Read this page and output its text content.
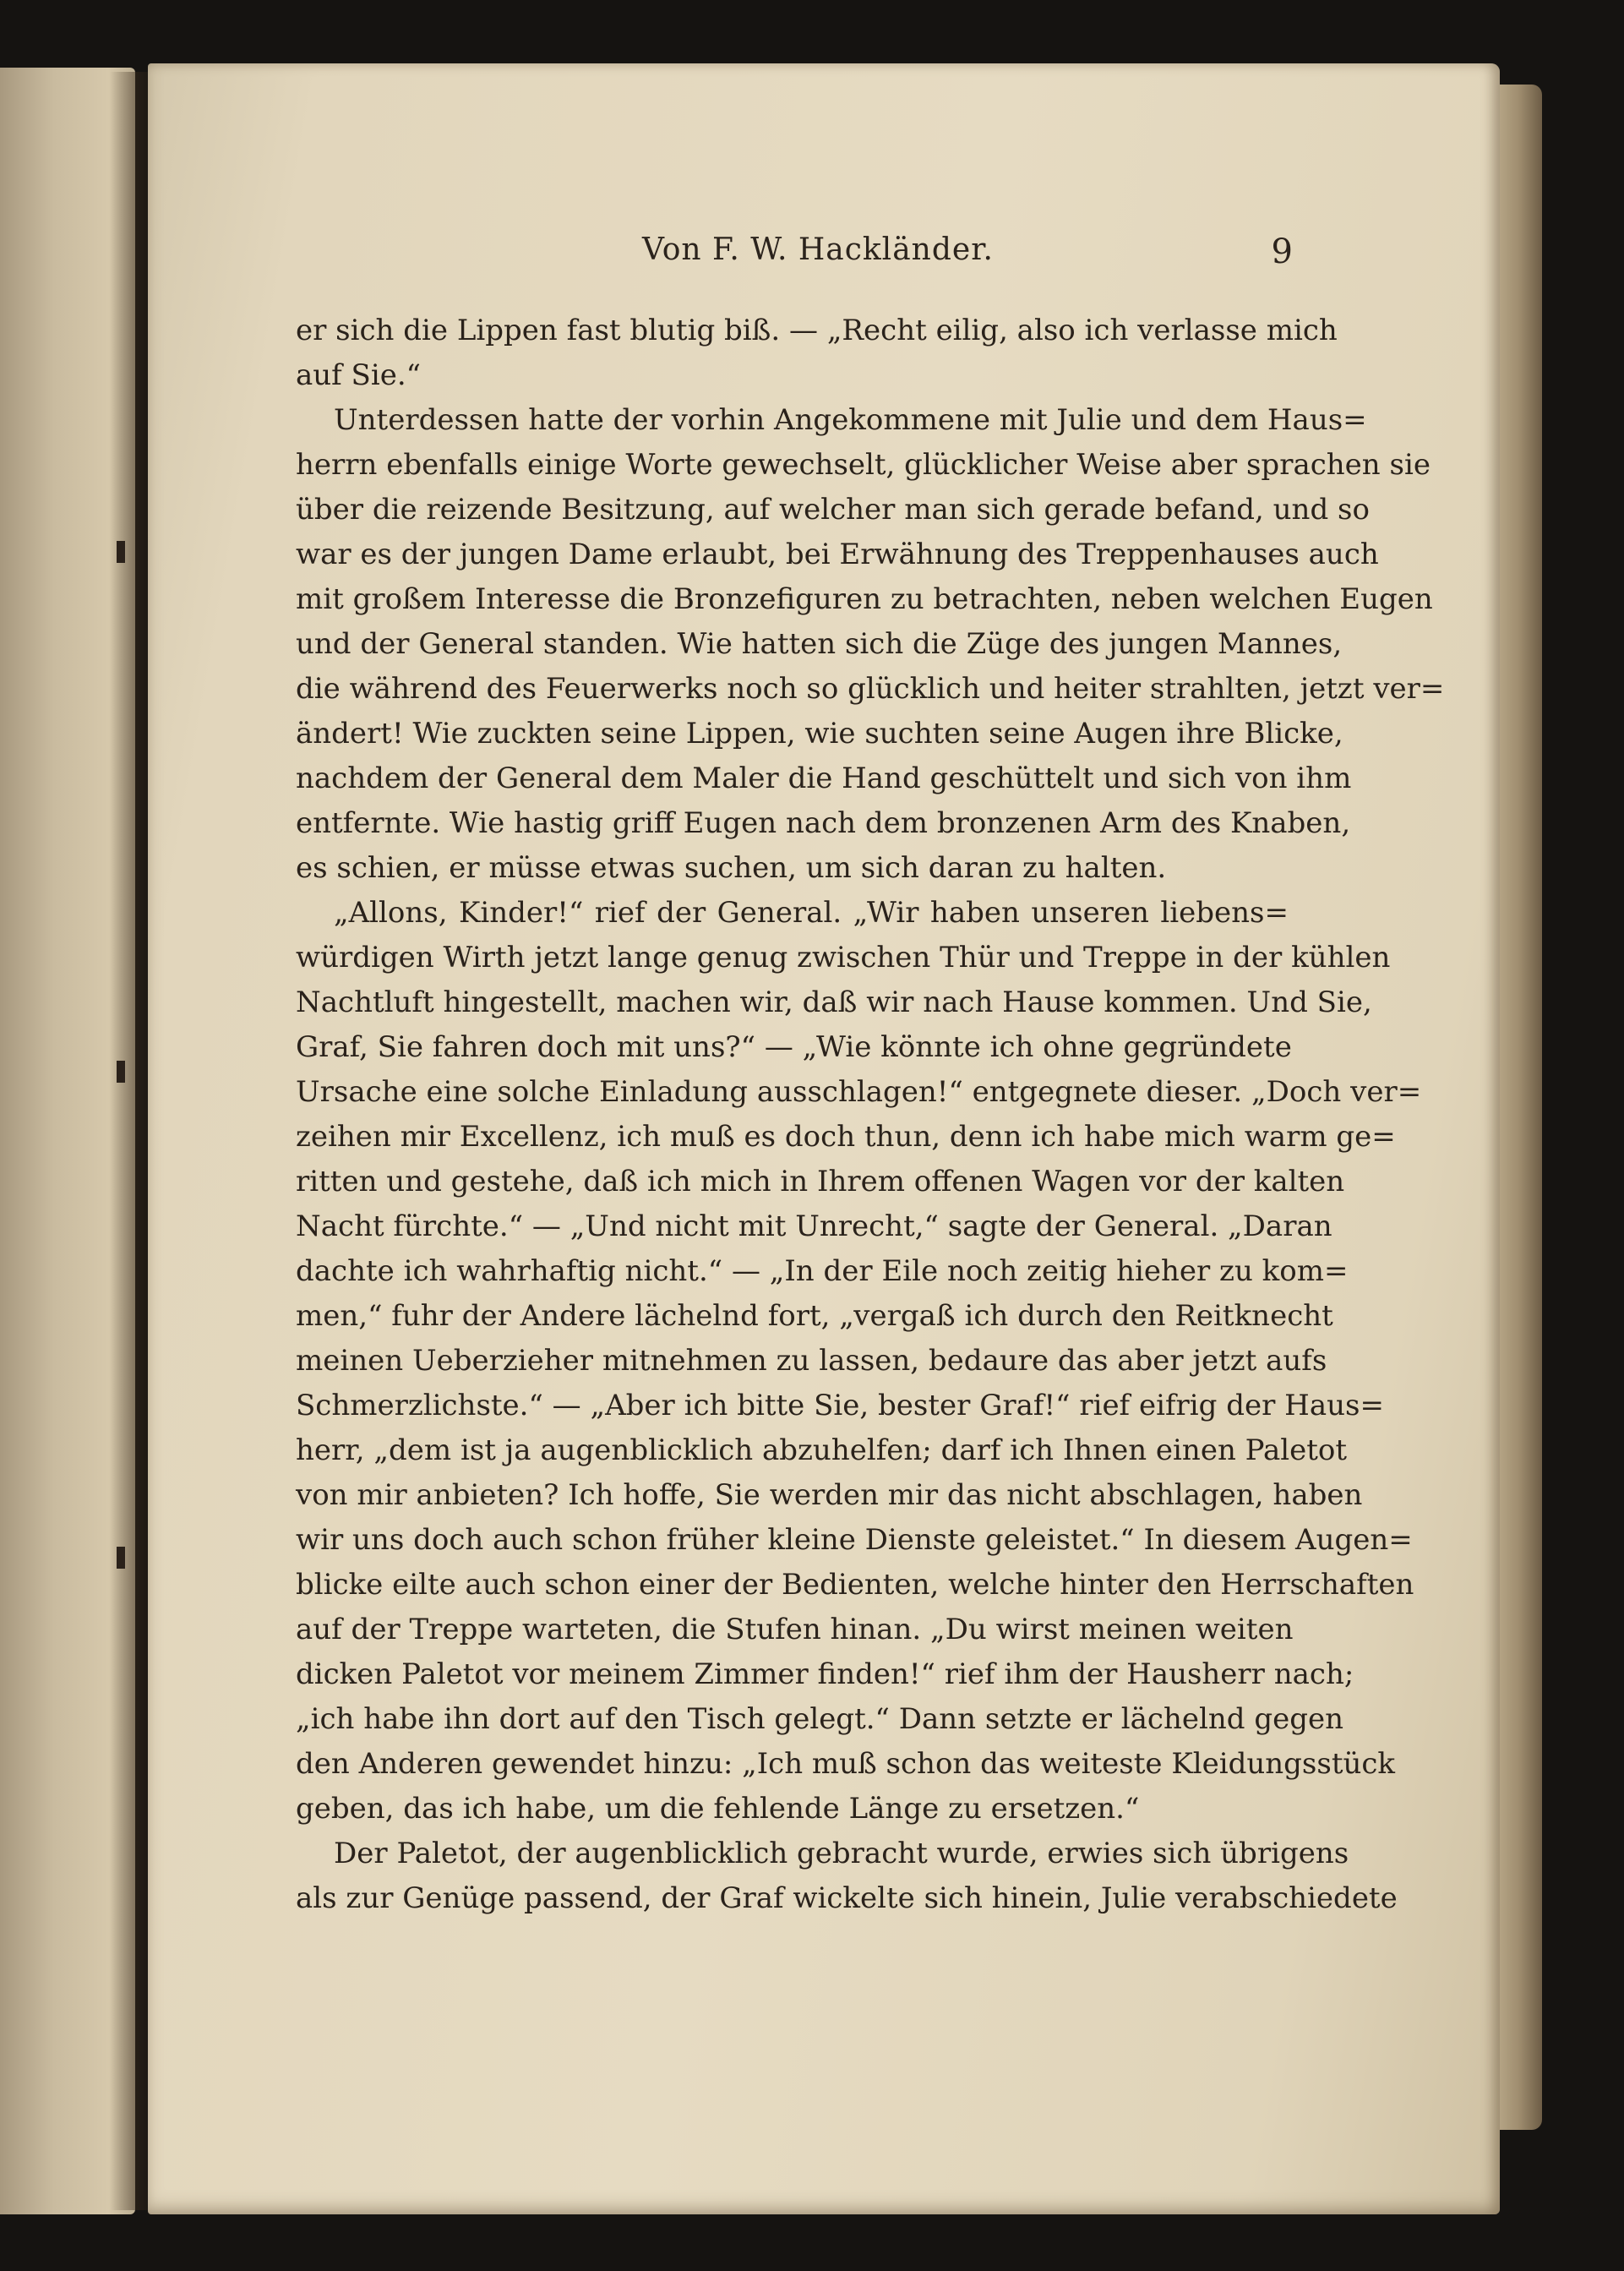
Von F. W. Hackländer.	9
er sich die Lippen fast blutig biß. — „Recht eilig, also ich verlasse mich
auf Sie.“
Unterdessen hatte der vorhin Angekommene mit Julie und dem Haus=
herrn ebenfalls einige Worte gewechselt, glücklicher Weise aber sprachen sie
über die reizende Besitzung, auf welcher man sich gerade befand, und so
war es der jungen Dame erlaubt, bei Erwähnung des Treppenhauses auch
mit großem Interesse die Bronzefiguren zu betrachten, neben welchen Eugen
und der General standen. Wie hatten sich die Züge des jungen Mannes,
die während des Feuerwerks noch so glücklich und heiter strahlten, jetzt ver=
ändert! Wie zuckten seine Lippen, wie suchten seine Augen ihre Blicke,
nachdem der General dem Maler die Hand geschüttelt und sich von ihm
entfernte. Wie hastig griff Eugen nach dem bronzenen Arm des Knaben,
es schien, er müsse etwas suchen, um sich daran zu halten.
„Allons, Kinder!“ rief der General. „Wir haben unseren liebens=
würdigen Wirth jetzt lange genug zwischen Thür und Treppe in der kühlen
Nachtluft hingestellt, machen wir, daß wir nach Hause kommen. Und Sie,
Graf, Sie fahren doch mit uns?“ — „Wie könnte ich ohne gegründete
Ursache eine solche Einladung ausschlagen!“ entgegnete dieser. „Doch ver=
zeihen mir Excellenz, ich muß es doch thun, denn ich habe mich warm ge=
ritten und gestehe, daß ich mich in Ihrem offenen Wagen vor der kalten
Nacht fürchte.“ — „Und nicht mit Unrecht,“ sagte der General. „Daran
dachte ich wahrhaftig nicht.“ — „In der Eile noch zeitig hieher zu kom=
men,“ fuhr der Andere lächelnd fort, „vergaß ich durch den Reitknecht
meinen Ueberzieher mitnehmen zu lassen, bedaure das aber jetzt aufs
Schmerzlichste.“ — „Aber ich bitte Sie, bester Graf!“ rief eifrig der Haus=
herr, „dem ist ja augenblicklich abzuhelfen; darf ich Ihnen einen Paletot
von mir anbieten? Ich hoffe, Sie werden mir das nicht abschlagen, haben
wir uns doch auch schon früher kleine Dienste geleistet.“ In diesem Augen=
blicke eilte auch schon einer der Bedienten, welche hinter den Herrschaften
auf der Treppe warteten, die Stufen hinan. „Du wirst meinen weiten
dicken Paletot vor meinem Zimmer finden!“ rief ihm der Hausherr nach;
„ich habe ihn dort auf den Tisch gelegt.“ Dann setzte er lächelnd gegen
den Anderen gewendet hinzu: „Ich muß schon das weiteste Kleidungsstück
geben, das ich habe, um die fehlende Länge zu ersetzen.“
Der Paletot, der augenblicklich gebracht wurde, erwies sich übrigens
als zur Genüge passend, der Graf wickelte sich hinein, Julie verabschiedete
